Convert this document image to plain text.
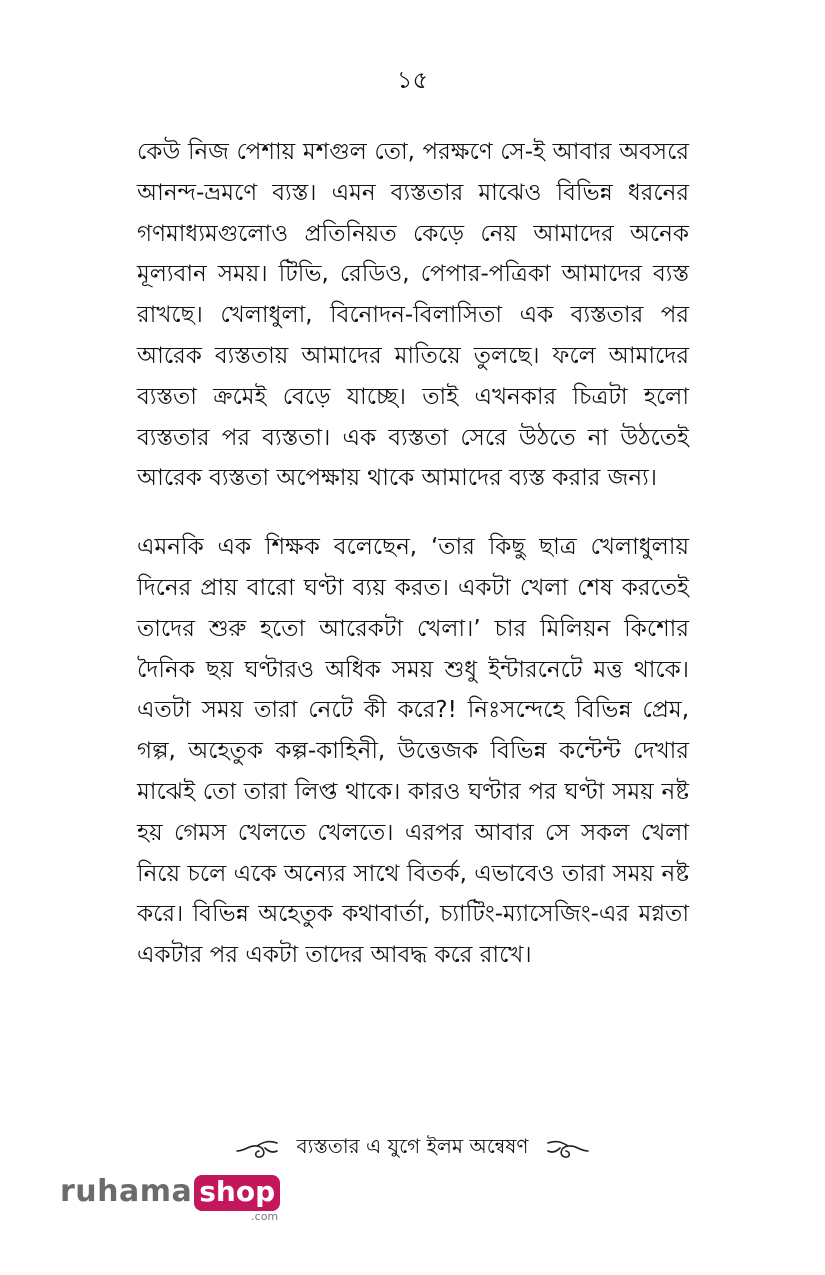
১৫

কেউ নিজ পেশায় মশগুল তো, পরক্ষণে সে-ই আবার অবসরে আনন্দ-ভ্রমণে ব্যস্ত। এমন ব্যস্ততার মাঝেও বিভিন্ন ধরনের গণমাধ্যমগুলোও প্রতিনিয়ত কেড়ে নেয় আমাদের অনেক মূল্যবান সময়। টিভি, রেডিও, পেপার-পত্রিকা আমাদের ব্যস্ত রাখছে। খেলাধুলা, বিনোদন-বিলাসিতা এক ব্যস্ততার পর আরেক ব্যস্ততায় আমাদের মাতিয়ে তুলছে। ফলে আমাদের ব্যস্ততা ক্রমেই বেড়ে যাচ্ছে। তাই এখনকার চিত্রটা হলো ব্যস্ততার পর ব্যস্ততা। এক ব্যস্ততা সেরে উঠতে না উঠতেই আরেক ব্যস্ততা অপেক্ষায় থাকে আমাদের ব্যস্ত করার জন্য।

এমনকি এক শিক্ষক বলেছেন, ‘তার কিছু ছাত্র খেলাধুলায় দিনের প্রায় বারো ঘণ্টা ব্যয় করত। একটা খেলা শেষ করতেই তাদের শুরু হতো আরেকটা খেলা।’ চার মিলিয়ন কিশোর দৈনিক ছয় ঘণ্টারও অধিক সময় শুধু ইন্টারনেটে মত্ত থাকে। এতটা সময় তারা নেটে কী করে?! নিঃসন্দেহে বিভিন্ন প্রেম, গল্প, অহেতুক কল্প-কাহিনী, উত্তেজক বিভিন্ন কন্টেন্ট দেখার মাঝেই তো তারা লিপ্ত থাকে। কারও ঘণ্টার পর ঘণ্টা সময় নষ্ট হয় গেমস খেলতে খেলতে। এরপর আবার সে সকল খেলা নিয়ে চলে একে অন্যের সাথে বিতর্ক, এভাবেও তারা সময় নষ্ট করে। বিভিন্ন অহেতুক কথাবার্তা, চ্যাটিং-ম্যাসেজিং-এর মগ্নতা একটার পর একটা তাদের আবদ্ধ করে রাখে।

ব্যস্ততার এ যুগে ইলম অন্বেষণ
ruhama shop
.com
